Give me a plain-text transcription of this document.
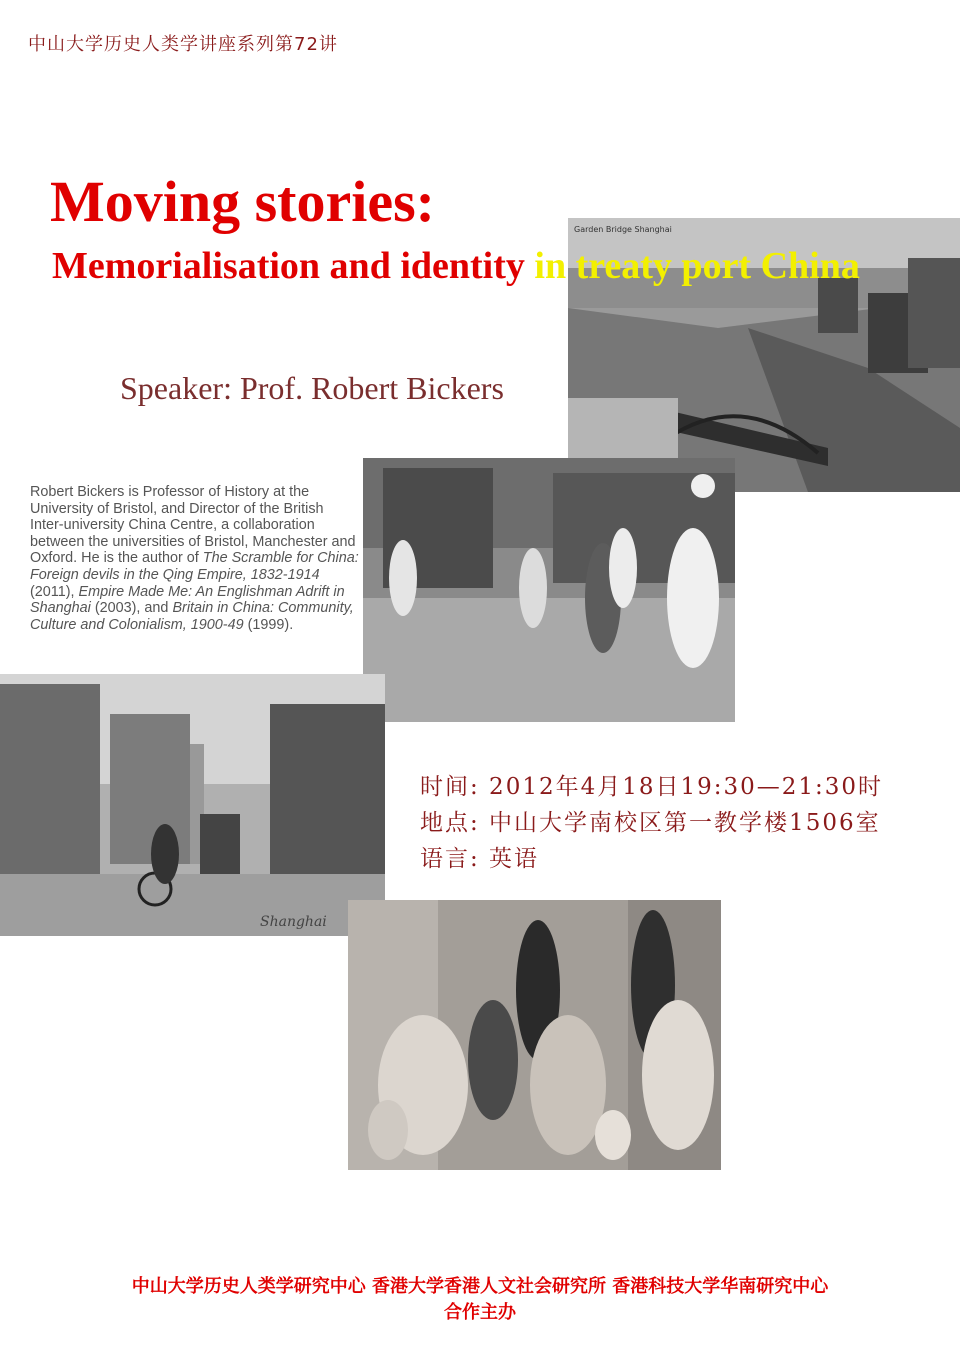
中山大学历史人类学讲座系列第72讲
Garden Bridge Shanghai
Shanghai
Moving stories:
Memorialisation and identity in treaty port China
Speaker: Prof. Robert Bickers
Robert Bickers is Professor of History at the University of Bristol, and Director of the British Inter-university China Centre, a collaboration between the universities of Bristol, Manchester and Oxford. He is the author of The Scramble for China: Foreign devils in the Qing Empire, 1832-1914 (2011), Empire Made Me: An Englishman Adrift in Shanghai (2003), and Britain in China: Community, Culture and Colonialism, 1900-49 (1999).
时间: 2012年4月18日19:30—21:30时
地点: 中山大学南校区第一教学楼1506室
语言: 英语
中山大学历史人类学研究中心 香港大学香港人文社会研究所 香港科技大学华南研究中心
合作主办
